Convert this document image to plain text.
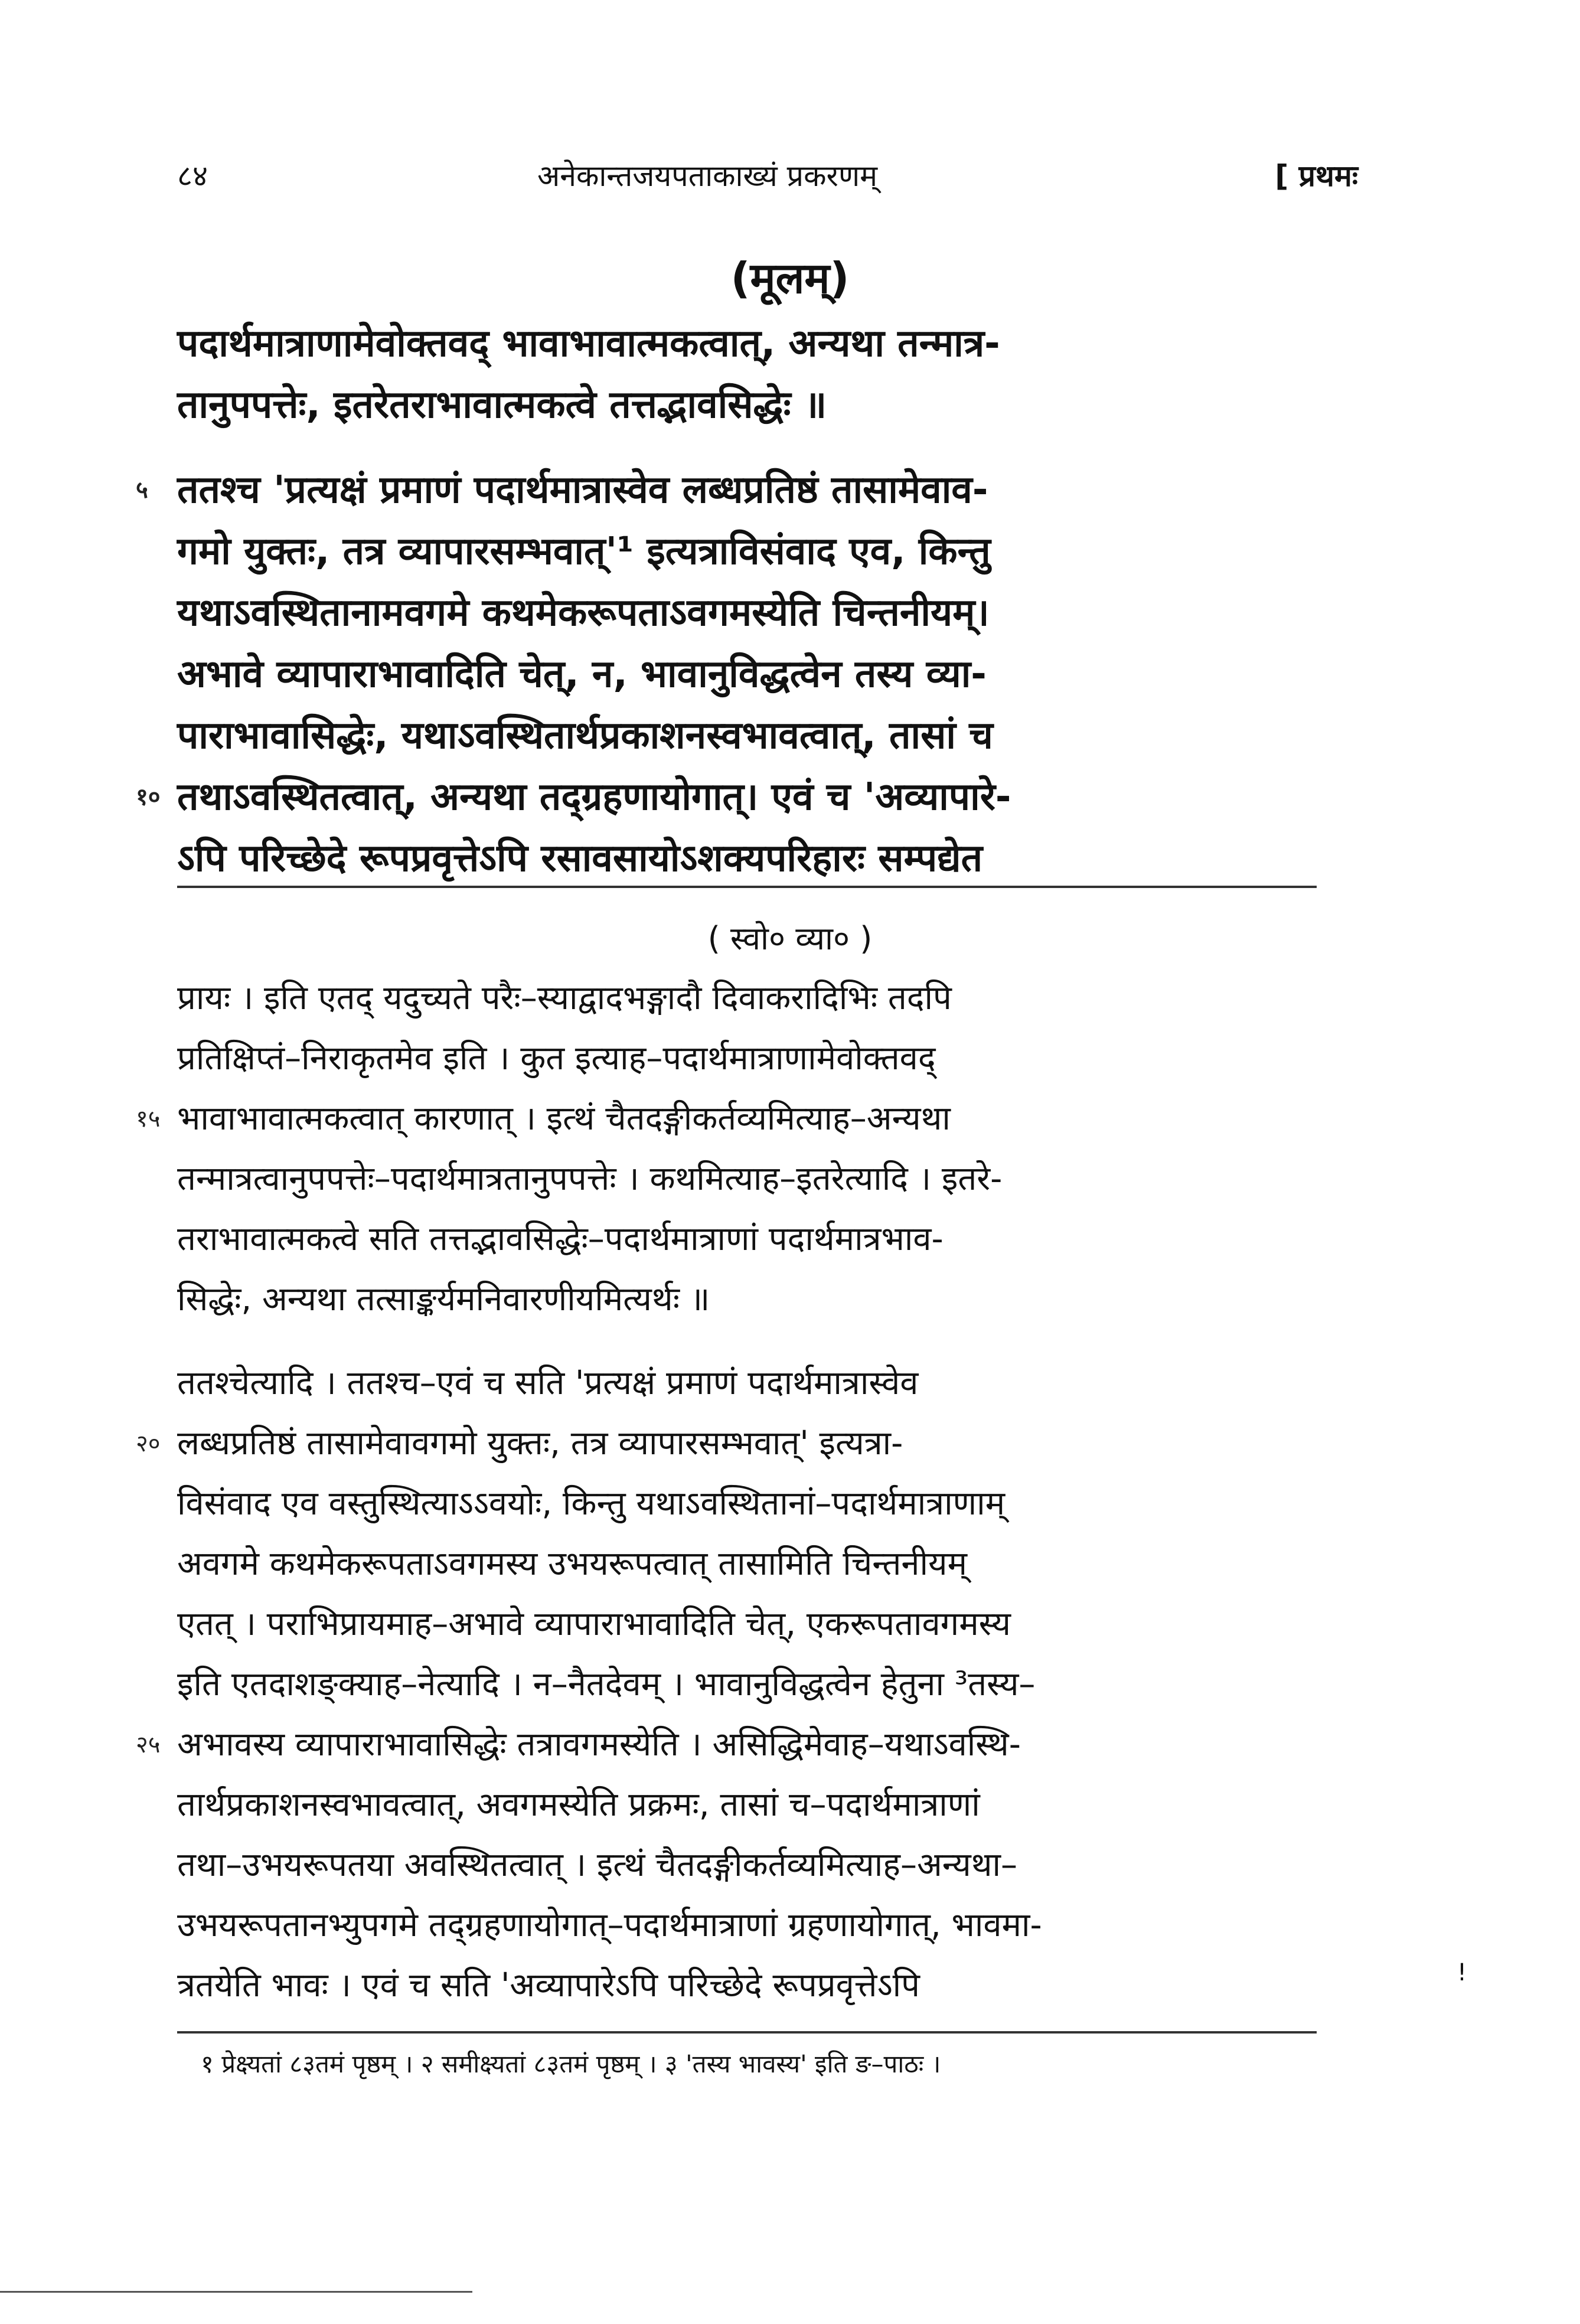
८४	अनेकान्तजयपताकाख्यं प्रकरणम्	[ प्रथमः
(मूलम्)
पदार्थमात्राणामेवोक्तवद् भावाभावात्मकत्वात्, अन्यथा तन्मात्र-
तानुपपत्तेः, इतरेतराभावात्मकत्वे तत्तद्भावसिद्धेः ॥
५ ततश्च 'प्रत्यक्षं प्रमाणं पदार्थमात्रास्वेव लब्धप्रतिष्ठं तासामेवाव-
गमो युक्तः, तत्र व्यापारसम्भवात्'¹ इत्यत्राविसंवाद एव, किन्तु
यथाऽवस्थितानामवगमे कथमेकरूपताऽवगमस्येति चिन्तनीयम्।
अभावे व्यापाराभावादिति चेत्, न, भावानुविद्धत्वेन तस्य व्या-
पाराभावासिद्धेः, यथाऽवस्थितार्थप्रकाशनस्वभावत्वात्, तासां च
१० तथाऽवस्थितत्वात्, अन्यथा तद्ग्रहणायोगात्। एवं च 'अव्यापारे-
ऽपि परिच्छेदे रूपप्रवृत्तेऽपि रसावसायोऽशक्यपरिहारः सम्पद्येत
( स्वो० व्या० )
प्रायः । इति एतद् यदुच्यते परैः–स्याद्वादभङ्गादौ दिवाकरादिभिः तदपि
प्रतिक्षिप्तं–निराकृतमेव इति । कुत इत्याह–पदार्थमात्राणामेवोक्तवद्
१५ भावाभावात्मकत्वात् कारणात् । इत्थं चैतदङ्गीकर्तव्यमित्याह–अन्यथा
तन्मात्रत्वानुपपत्तेः–पदार्थमात्रतानुपपत्तेः । कथमित्याह–इतरेत्यादि । इतरे-
तराभावात्मकत्वे सति तत्तद्भावसिद्धेः–पदार्थमात्राणां पदार्थमात्रभाव-
सिद्धेः, अन्यथा तत्साङ्कर्यमनिवारणीयमित्यर्थः ॥
ततश्चेत्यादि । ततश्च–एवं च सति 'प्रत्यक्षं प्रमाणं पदार्थमात्रास्वेव
२० लब्धप्रतिष्ठं तासामेवावगमो युक्तः, तत्र व्यापारसम्भवात्' इत्यत्रा-
विसंवाद एव वस्तुस्थित्याऽऽवयोः, किन्तु यथाऽवस्थितानां–पदार्थमात्राणाम्
अवगमे कथमेकरूपताऽवगमस्य उभयरूपत्वात् तासामिति चिन्तनीयम्
एतत् । पराभिप्रायमाह–अभावे व्यापाराभावादिति चेत्, एकरूपतावगमस्य
इति एतदाशङ्क्याह–नेत्यादि । न–नैतदेवम् । भावानुविद्धत्वेन हेतुना ³तस्य–
२५ अभावस्य व्यापाराभावासिद्धेः तत्रावगमस्येति । असिद्धिमेवाह–यथाऽवस्थि-
तार्थप्रकाशनस्वभावत्वात्, अवगमस्येति प्रक्रमः, तासां च–पदार्थमात्राणां
तथा–उभयरूपतया अवस्थितत्वात् । इत्थं चैतदङ्गीकर्तव्यमित्याह–अन्यथा–
उभयरूपतानभ्युपगमे तद्ग्रहणायोगात्–पदार्थमात्राणां ग्रहणायोगात्, भावमा-
त्रतयेति भावः । एवं च सति 'अव्यापारेऽपि परिच्छेदे रूपप्रवृत्तेऽपि
१ प्रेक्ष्यतां ८३तमं पृष्ठम् । २ समीक्ष्यतां ८३तमं पृष्ठम् । ३ 'तस्य भावस्य' इति ङ–पाठः ।
!
